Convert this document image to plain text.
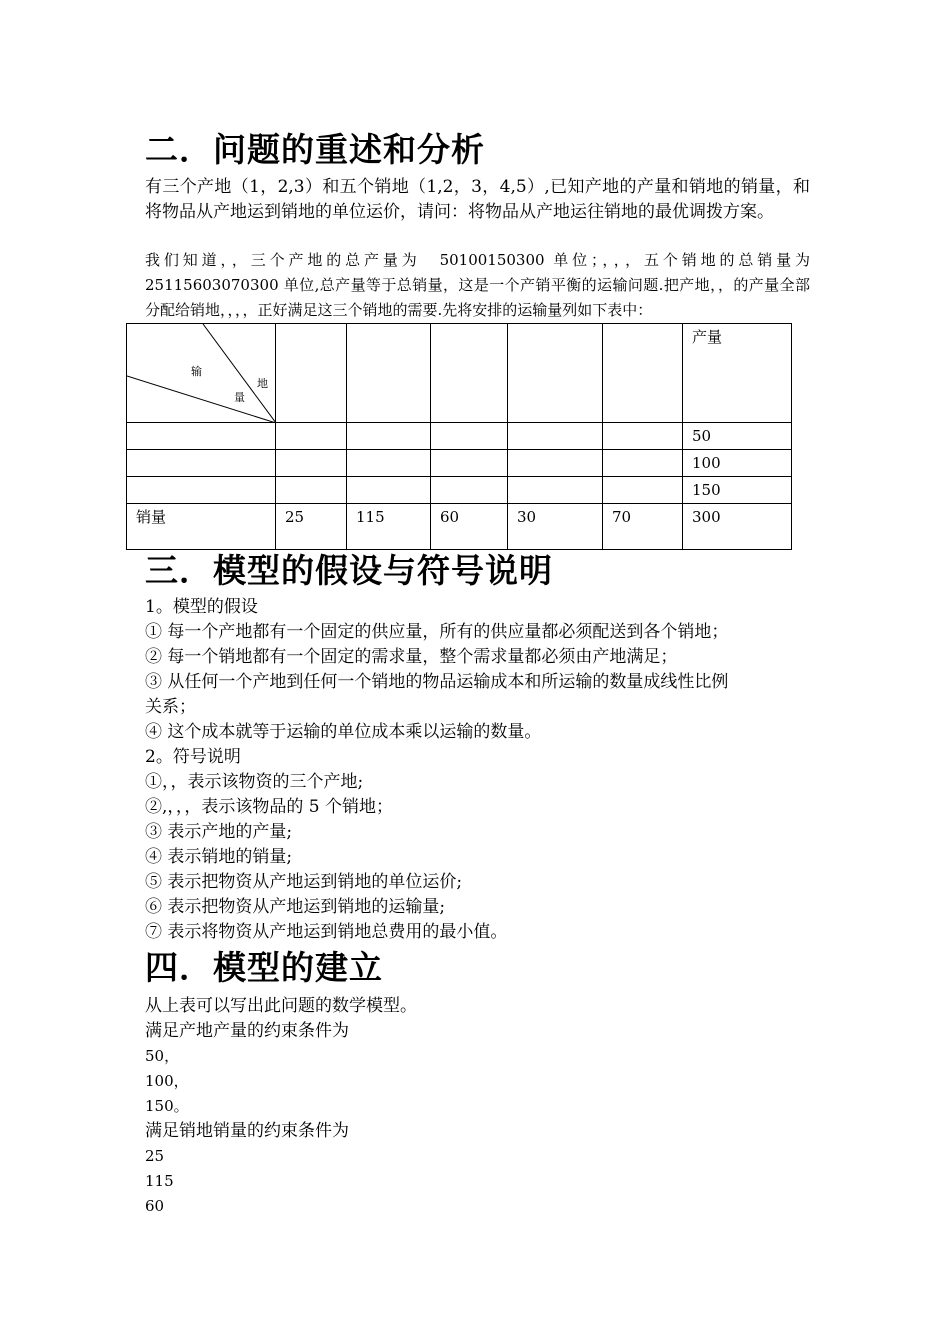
二．问题的重述和分析

有三个产地（1，2,3）和五个销地（1,2，3，4,5）,已知产地的产量和销地的销量，和将物品从产地运到销地的单位运价，请问：将物品从产地运往销地的最优调拨方案。

我们知道，，三个产地的总产量为　50100150300 单位；，，，五个销地的总销量为 25115603070300 单位,总产量等于总销量，这是一个产销平衡的运输问题.把产地，，的产量全部分配给销地，，，，正好满足这三个销地的需要.先将安排的运输量列如下表中：

输
地
量						产量
						50
						100
						150
销量	25	115	60	30	70	300
三．模型的假设与符号说明
1。模型的假设
① 每一个产地都有一个固定的供应量，所有的供应量都必须配送到各个销地；
② 每一个销地都有一个固定的需求量，整个需求量都必须由产地满足；
③ 从任何一个产地到任何一个销地的物品运输成本和所运输的数量成线性比例
关系；
④ 这个成本就等于运输的单位成本乘以运输的数量。
2。符号说明
①，，表示该物资的三个产地;
②,，，，表示该物品的 5 个销地；
③ 表示产地的产量;
④ 表示销地的销量;
⑤ 表示把物资从产地运到销地的单位运价;
⑥ 表示把物资从产地运到销地的运输量;
⑦ 表示将物资从产地运到销地总费用的最小值。
四．模型的建立
从上表可以写出此问题的数学模型。
满足产地产量的约束条件为
50，
100，
150。
满足销地销量的约束条件为
25
115
60
